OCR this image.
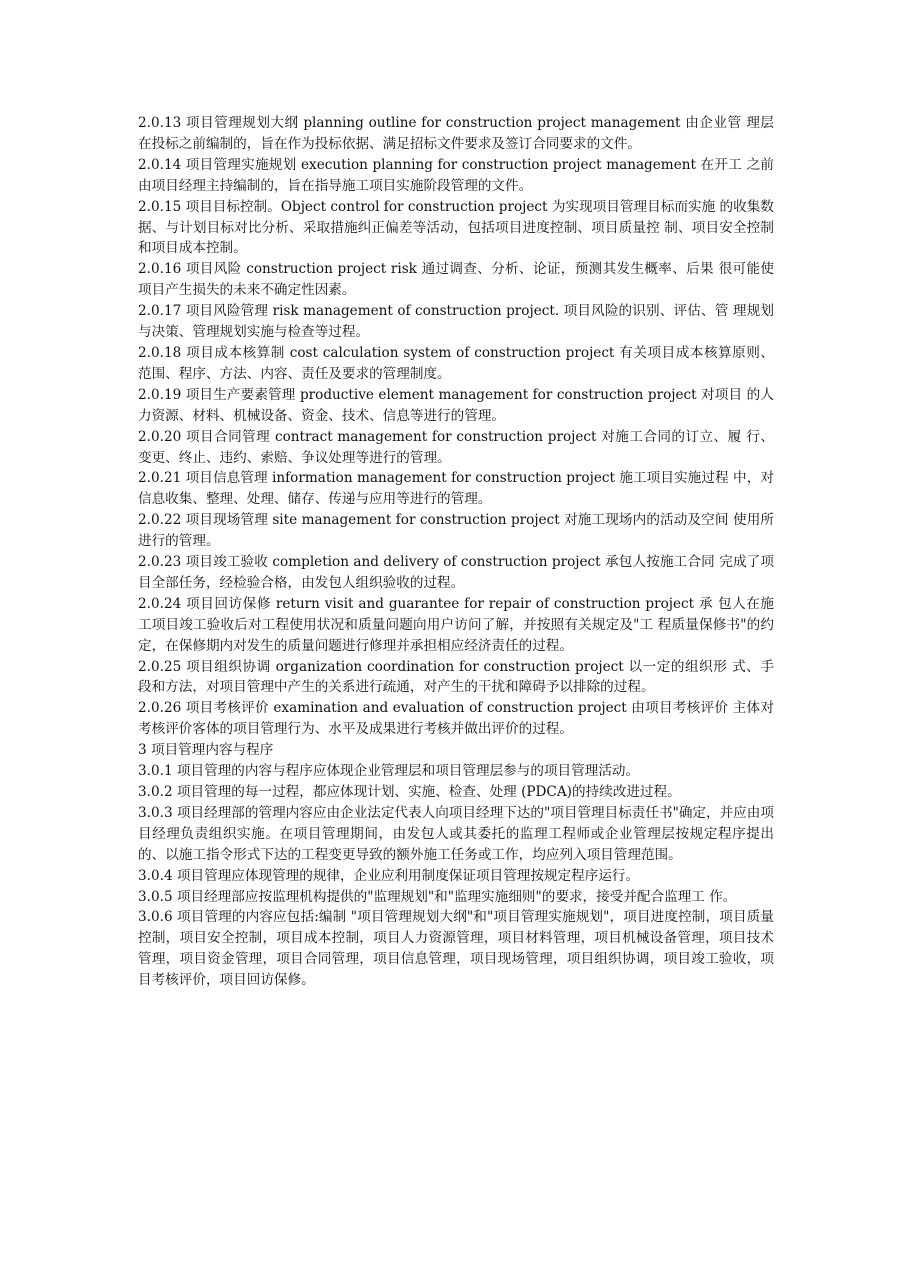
2.0.13 项目管理规划大纲 planning outline for construction project management 由企业管 理层在投标之前编制的，旨在作为投标依据、满足招标文件要求及签订合同要求的文件。

2.0.14 项目管理实施规划 execution planning for construction project management 在开工 之前由项目经理主持编制的，旨在指导施工项目实施阶段管理的文件。

2.0.15 项目目标控制。Object control for construction project 为实现项目管理目标而实施 的收集数据、与计划目标对比分析、采取措施纠正偏差等活动，包括项目进度控制、项目质量控 制、项目安全控制和项目成本控制。

2.0.16 项目风险 construction project risk 通过调查、分析、论证，预测其发生概率、后果 很可能使项目产生损失的未来不确定性因素。

2.0.17 项目风险管理 risk management of construction project. 项目风险的识别、评估、管 理规划与决策、管理规划实施与检查等过程。

2.0.18 项目成本核算制 cost calculation system of construction project 有关项目成本核算原则、范围、程序、方法、内容、责任及要求的管理制度。

2.0.19 项目生产要素管理 productive element management for construction project 对项目 的人力资源、材料、机械设备、资金、技术、信息等进行的管理。

2.0.20 项目合同管理 contract management for construction project 对施工合同的订立、履 行、变更、终止、违约、索赔、争议处理等进行的管理。

2.0.21 项目信息管理 information management for construction project 施工项目实施过程 中，对信息收集、整理、处理、储存、传递与应用等进行的管理。

2.0.22 项目现场管理 site management for construction project 对施工现场内的活动及空间 使用所进行的管理。

2.0.23 项目竣工验收 completion and delivery of construction project 承包人按施工合同 完成了项目全部任务，经检验合格，由发包人组织验收的过程。

2.0.24 项目回访保修 return visit and guarantee for repair of construction project 承 包人在施工项目竣工验收后对工程使用状况和质量问题向用户访问了解，并按照有关规定及"工 程质量保修书"的约定，在保修期内对发生的质量问题进行修理并承担相应经济责任的过程。

2.0.25 项目组织协调 organization coordination for construction project 以一定的组织形 式、手段和方法，对项目管理中产生的关系进行疏通，对产生的干扰和障碍予以排除的过程。

2.0.26 项目考核评价 examination and evaluation of construction project 由项目考核评价 主体对考核评价客体的项目管理行为、水平及成果进行考核并做出评价的过程。

3 项目管理内容与程序

3.0.1 项目管理的内容与程序应体现企业管理层和项目管理层参与的项目管理活动。

3.0.2 项目管理的每一过程，都应体现计划、实施、检查、处理 (PDCA)的持续改进过程。

3.0.3 项目经理部的管理内容应由企业法定代表人向项目经理下达的"项目管理目标责任书"确定，并应由项目经理负责组织实施。在项目管理期间，由发包人或其委托的监理工程师或企业管理层按规定程序提出的、以施工指令形式下达的工程变更导致的额外施工任务或工作，均应列入项目管理范围。

3.0.4 项目管理应体现管理的规律，企业应利用制度保证项目管理按规定程序运行。

3.0.5 项目经理部应按监理机构提供的"监理规划"和"监理实施细则"的要求，接受并配合监理工 作。

3.0.6 项目管理的内容应包括:编制 "项目管理规划大纲"和"项目管理实施规划"，项目进度控制，项目质量控制，项目安全控制，项目成本控制，项目人力资源管理，项目材料管理，项目机械设备管理，项目技术管理，项目资金管理，项目合同管理，项目信息管理，项目现场管理，项目组织协调，项目竣工验收，项目考核评价，项目回访保修。
